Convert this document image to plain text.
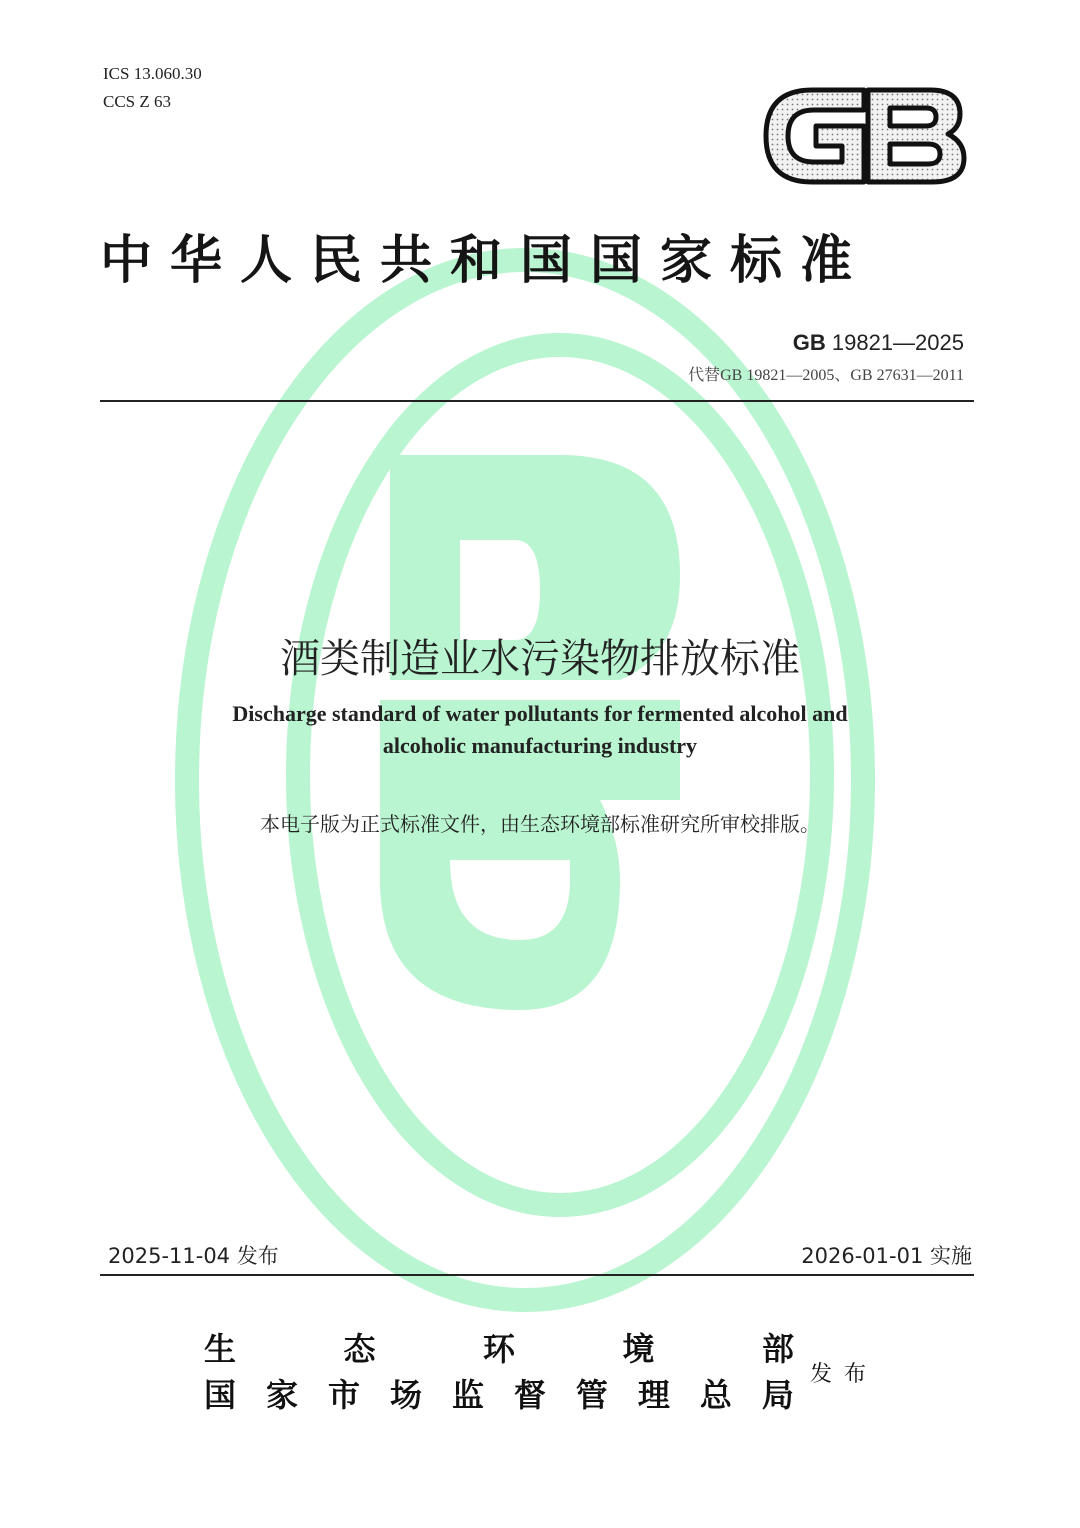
ICS 13.060.30
CCS Z 63
中华人民共和国国家标准
GB 19821—2025
代替GB 19821—2005、GB 27631—2011
酒类制造业水污染物排放标准
Discharge standard of water pollutants for fermented alcohol and
alcoholic manufacturing industry
本电子版为正式标准文件，由生态环境部标准研究所审校排版。
2025-11-04 发布	2026-01-01 实施
生	态	环	境	部
国 家 市 场 监 督 管 理 总 局
发布
